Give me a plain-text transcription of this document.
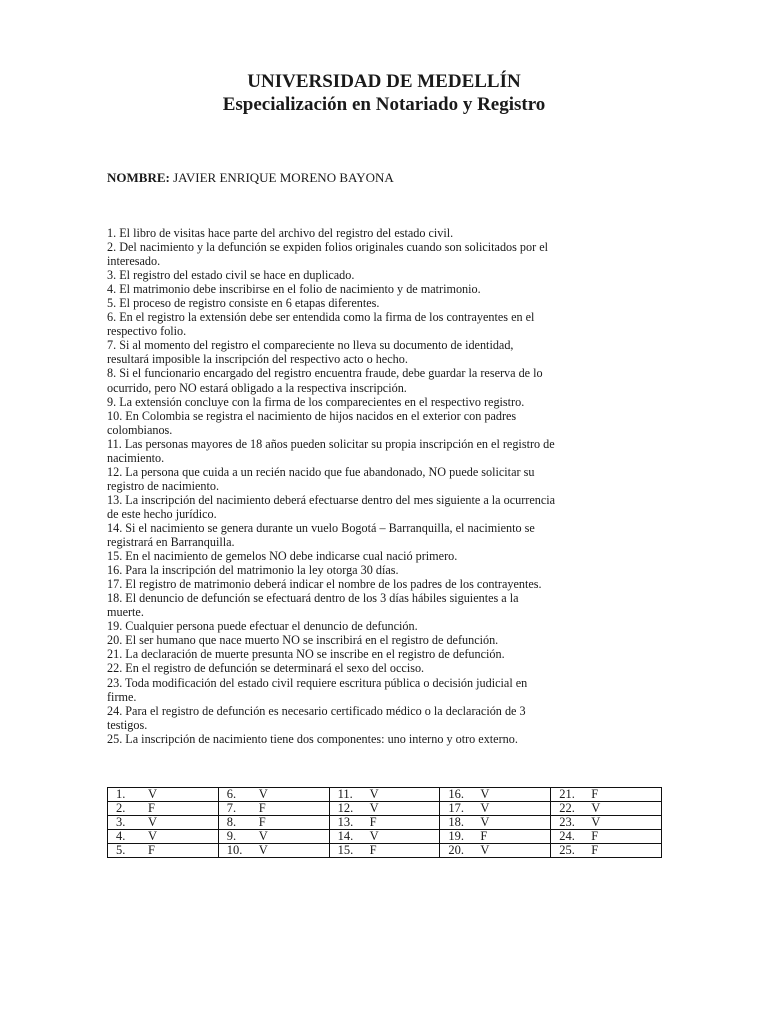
UNIVERSIDAD DE MEDELLÍN
Especialización en Notariado y Registro
NOMBRE: JAVIER ENRIQUE MORENO BAYONA
1. El libro de visitas hace parte del archivo del registro del estado civil.
2. Del nacimiento y la defunción se expiden folios originales cuando son solicitados por el
interesado.
3. El registro del estado civil se hace en duplicado.
4. El matrimonio debe inscribirse en el folio de nacimiento y de matrimonio.
5. El proceso de registro consiste en 6 etapas diferentes.
6. En el registro la extensión debe ser entendida como la firma de los contrayentes en el
respectivo folio.
7. Si al momento del registro el compareciente no lleva su documento de identidad,
resultará imposible la inscripción del respectivo acto o hecho.
8. Si el funcionario encargado del registro encuentra fraude, debe guardar la reserva de lo
ocurrido, pero NO estará obligado a la respectiva inscripción.
9. La extensión concluye con la firma de los comparecientes en el respectivo registro.
10. En Colombia se registra el nacimiento de hijos nacidos en el exterior con padres
colombianos.
11. Las personas mayores de 18 años pueden solicitar su propia inscripción en el registro de
nacimiento.
12. La persona que cuida a un recién nacido que fue abandonado, NO puede solicitar su
registro de nacimiento.
13. La inscripción del nacimiento deberá efectuarse dentro del mes siguiente a la ocurrencia
de este hecho jurídico.
14. Si el nacimiento se genera durante un vuelo Bogotá – Barranquilla, el nacimiento se
registrará en Barranquilla.
15. En el nacimiento de gemelos NO debe indicarse cual nació primero.
16. Para la inscripción del matrimonio la ley otorga 30 días.
17. El registro de matrimonio deberá indicar el nombre de los padres de los contrayentes.
18. El denuncio de defunción se efectuará dentro de los 3 días hábiles siguientes a la
muerte.
19. Cualquier persona puede efectuar el denuncio de defunción.
20. El ser humano que nace muerto NO se inscribirá en el registro de defunción.
21. La declaración de muerte presunta NO se inscribe en el registro de defunción.
22. En el registro de defunción se determinará el sexo del occiso.
23. Toda modificación del estado civil requiere escritura pública o decisión judicial en
firme.
24. Para el registro de defunción es necesario certificado médico o la declaración de 3
testigos.
25. La inscripción de nacimiento tiene dos componentes: uno interno y otro externo.
1. V	6. V	11. V	16. V	21. F
2. F	7. F	12. V	17. V	22. V
3. V	8. F	13. F	18. V	23. V
4. V	9. V	14. V	19. F	24. F
5. F	10. V	15. F	20. V	25. F
